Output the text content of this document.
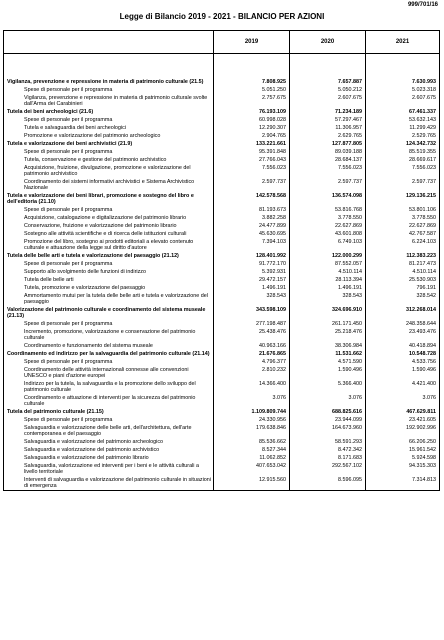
999/701/16
Legge di Bilancio 2019 - 2021 - BILANCIO PER AZIONI
2019	2020	2021
Vigilanza, prevenzione e repressione in materia di patrimonio culturale (21.5)	7.808.925	7.657.887	7.630.993
Spese di personale per il programma	5.051.250	5.050.212	5.023.318
Vigilanza, prevenzione e repressione in materia di patrimonio culturale svolte dall'Arma dei Carabinieri
2.757.675	2.607.675	2.607.675
Tutela dei beni archeologici (21.6)	76.193.109	71.234.189	67.461.337
Spese di personale per il programma	60.998.028	57.297.467	53.632.143
Tutela e salvaguardia dei beni archeologici	12.290.307	11.306.957	11.299.429
Promozione e valorizzazione del patrimonio archeologico	2.904.765	2.629.765	2.529.765
Tutela e valorizzazione dei beni archivistici (21.9)	133.221.661	127.877.805	124.342.732
Spese di personale per il programma	95.391.848	89.039.188	85.519.355
Tutela, conservazione e gestione del patrimonio archivistico	27.766.043	28.684.137	28.669.617
Acquisizione, fruizione, divulgazione, promozione e valorizzazione del patrimonio archivistico
7.556.023	7.556.023	7.556.023
Coordinamento dei sistemi informativi archivistici e Sistema Archivistico Nazionale
2.597.737	2.597.737	2.597.737
Tutela e valorizzazione dei beni librari, promozione e sostegno del libro e dell'editoria (21.10)
142.578.568	136.574.098	129.136.215
Spese di personale per il programma	81.193.673	53.816.768	53.801.106
Acquisizione, catalogazione e digitalizzazione del patrimonio librario	3.882.258	3.778.550	3.778.550
Conservazione, fruizione e valorizzazione del patrimonio librario	24.477.899	22.627.869	22.627.869
Sostegno alle attività scientifiche e di ricerca delle istituzioni culturali	45.630.695	43.601.808	42.767.587
Promozione del libro, sostegno ai prodotti editoriali a elevato contenuto culturale e attuazione della legge sul diritto d'autore
7.394.103	6.749.103	6.224.103
Tutela delle belle arti e tutela e valorizzazione del paesaggio (21.12)	128.401.992	122.000.299	112.383.223
Spese di personale per il programma	91.772.170	87.552.057	81.217.473
Supporto allo svolgimento delle funzioni di indirizzo	5.392.931	4.510.114	4.510.114
Tutela delle belle arti	29.472.157	28.113.394	25.530.903
Tutela, promozione e valorizzazione del paesaggio	1.496.191	1.496.191	796.191
Ammortamento mutui per la tutela delle belle arti e tutela e valorizzazione del paesaggio
328.543	328.543	328.542
Valorizzazione del patrimonio culturale e coordinamento del sistema museale (21.13)
343.598.109	324.696.910	312.268.014
Spese di personale per il programma	277.198.487	261.171.450	248.358.644
Incremento, promozione, valorizzazione e conservazione del patrimonio culturale
25.438.476	25.218.476	23.493.476
Coordinamento e funzionamento del sistema museale	40.963.166	38.306.984	40.418.894
Coordinamento ed indirizzo per la salvaguardia del patrimonio culturale (21.14)	21.676.865	11.531.662	10.548.728
Spese di personale per il programma	4.796.377	4.571.590	4.533.756
Coordinamento delle attività internazionali connesse alle convenzioni UNESCO e piani d'azione europei
2.810.232	1.590.496	1.590.496
Indirizzo per la tutela, la salvaguardia e la promozione dello sviluppo del patrimonio culturale
14.366.400	5.366.400	4.421.400
Coordinamento e attuazione di interventi per la sicurezza del patrimonio culturale
3.076	3.076	3.076
Tutela del patrimonio culturale (21.15)	1.109.809.744	688.825.616	467.629.811
Spese di personale per il programma	24.330.956	23.944.099	23.421.605
Salvaguardia e valorizzazione delle belle arti, dell'architettura, dell'arte contemporanea e del paesaggio
179.638.846	164.673.960	192.902.996
Salvaguardia e valorizzazione del patrimonio archeologico	85.536.662	58.591.293	66.206.250
Salvaguardia e valorizzazione del patrimonio archivistico	8.527.344	8.472.342	15.961.542
Salvaguardia e valorizzazione del patrimonio librario	11.062.852	8.171.683	5.924.598
Salvaguardia, valorizzazione ed interventi per i beni e le attività culturali a livello territoriale
407.653.042	292.567.102	94.315.303
Interventi di salvaguardia e valorizzazione del patrimonio culturale in situazioni di emergenza
12.915.560	8.596.095	7.314.813
